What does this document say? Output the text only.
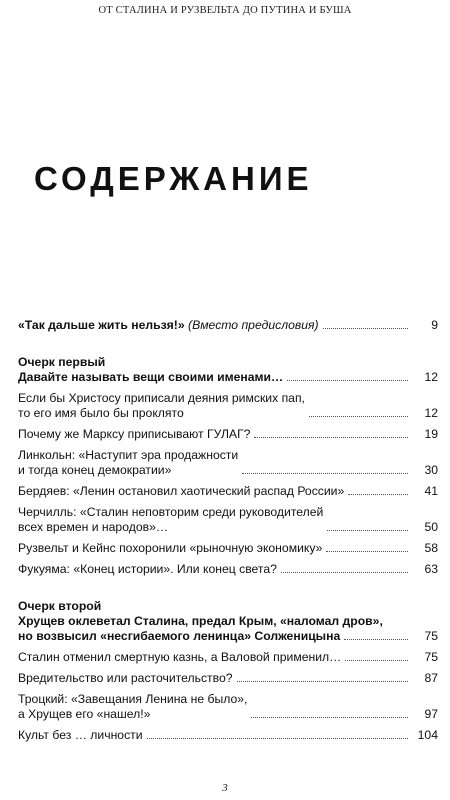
ОТ СТАЛИНА И РУЗВЕЛЬТА ДО ПУТИНА И БУША
СОДЕРЖАНИЕ
«Так дальше жить нельзя!» (Вместо предисловия)	9
Очерк первый
Давайте называть вещи своими именами…	12
Если бы Христосу приписали деяния римских пап,
то его имя было бы проклято	12
Почему же Марксу приписывают ГУЛАГ?	19
Линкольн: «Наступит эра продажности
и тогда конец демократии»	30
Бердяев: «Ленин остановил хаотический распад России»	41
Черчилль: «Сталин неповторим среди руководителей
всех времен и народов»…	50
Рузвельт и Кейнс похоронили «рыночную экономику»	58
Фукуяма: «Конец истории». Или конец света?	63
Очерк второй
Хрущев оклеветал Сталина, предал Крым, «наломал дров»,
но возвысил «несгибаемого ленинца» Солженицына	75
Сталин отменил смертную казнь, а Валовой применил…	75
Вредительство или расточительство?	87
Троцкий: «Завещания Ленина не было»,
а Хрущев его «нашел!»	97
Культ без … личности	104
3
